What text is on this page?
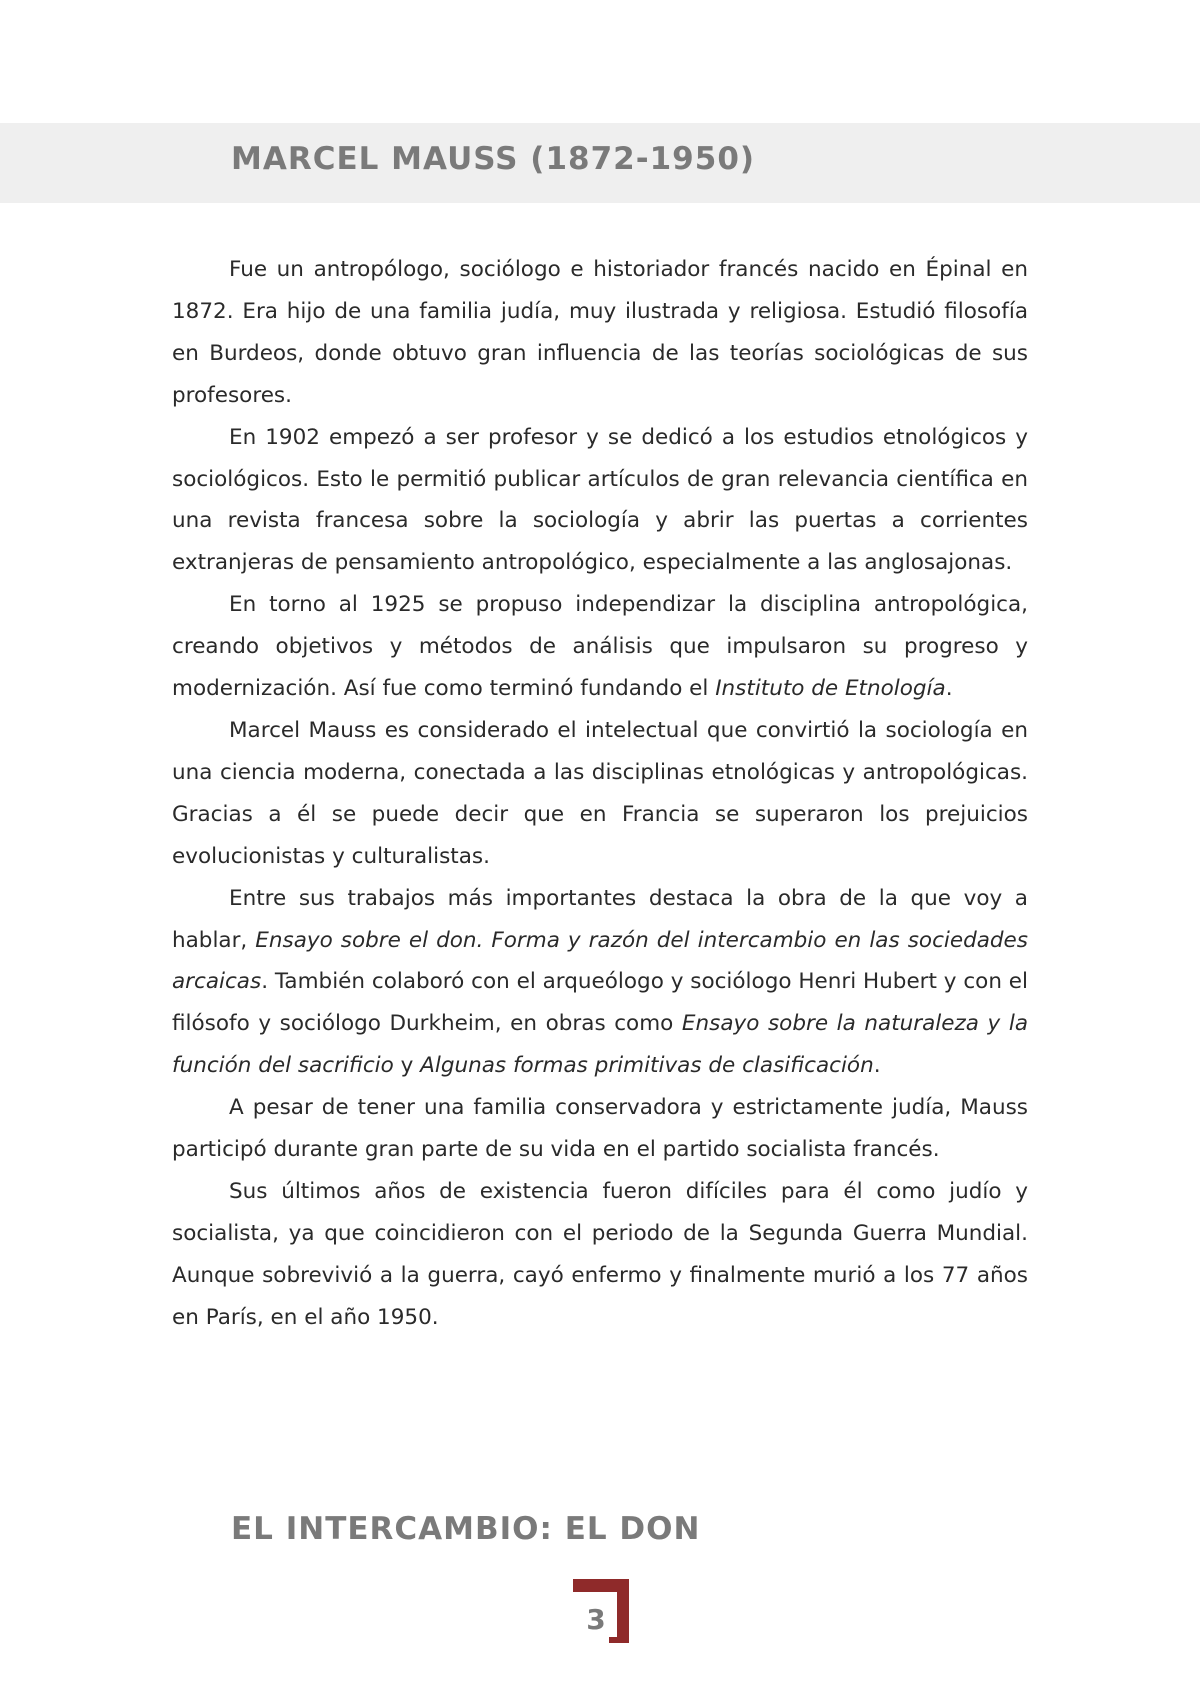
MARCEL MAUSS (1872-1950)

Fue un antropólogo, sociólogo e historiador francés nacido en Épinal en 1872. Era hijo de una familia judía, muy ilustrada y religiosa. Estudió filosofía en Burdeos, donde obtuvo gran influencia de las teorías sociológicas de sus profesores.

En 1902 empezó a ser profesor y se dedicó a los estudios etnológicos y sociológicos. Esto le permitió publicar artículos de gran relevancia científica en una revista francesa sobre la sociología y abrir las puertas a corrientes extranjeras de pensamiento antropológico, especialmente a las anglosajonas.

En torno al 1925 se propuso independizar la disciplina antropológica, creando objetivos y métodos de análisis que impulsaron su progreso y modernización. Así fue como terminó fundando el Instituto de Etnología.

Marcel Mauss es considerado el intelectual que convirtió la sociología en una ciencia moderna, conectada a las disciplinas etnológicas y antropológicas. Gracias a él se puede decir que en Francia se superaron los prejuicios evolucionistas y culturalistas.

Entre sus trabajos más importantes destaca la obra de la que voy a hablar, Ensayo sobre el don. Forma y razón del intercambio en las sociedades arcaicas. También colaboró con el arqueólogo y sociólogo Henri Hubert y con el filósofo y sociólogo Durkheim, en obras como Ensayo sobre la naturaleza y la función del sacrificio y Algunas formas primitivas de clasificación.

A pesar de tener una familia conservadora y estrictamente judía, Mauss participó durante gran parte de su vida en el partido socialista francés.

Sus últimos años de existencia fueron difíciles para él como judío y socialista, ya que coincidieron con el periodo de la Segunda Guerra Mundial. Aunque sobrevivió a la guerra, cayó enfermo y finalmente murió a los 77 años en París, en el año 1950.

EL INTERCAMBIO: EL DON
3
